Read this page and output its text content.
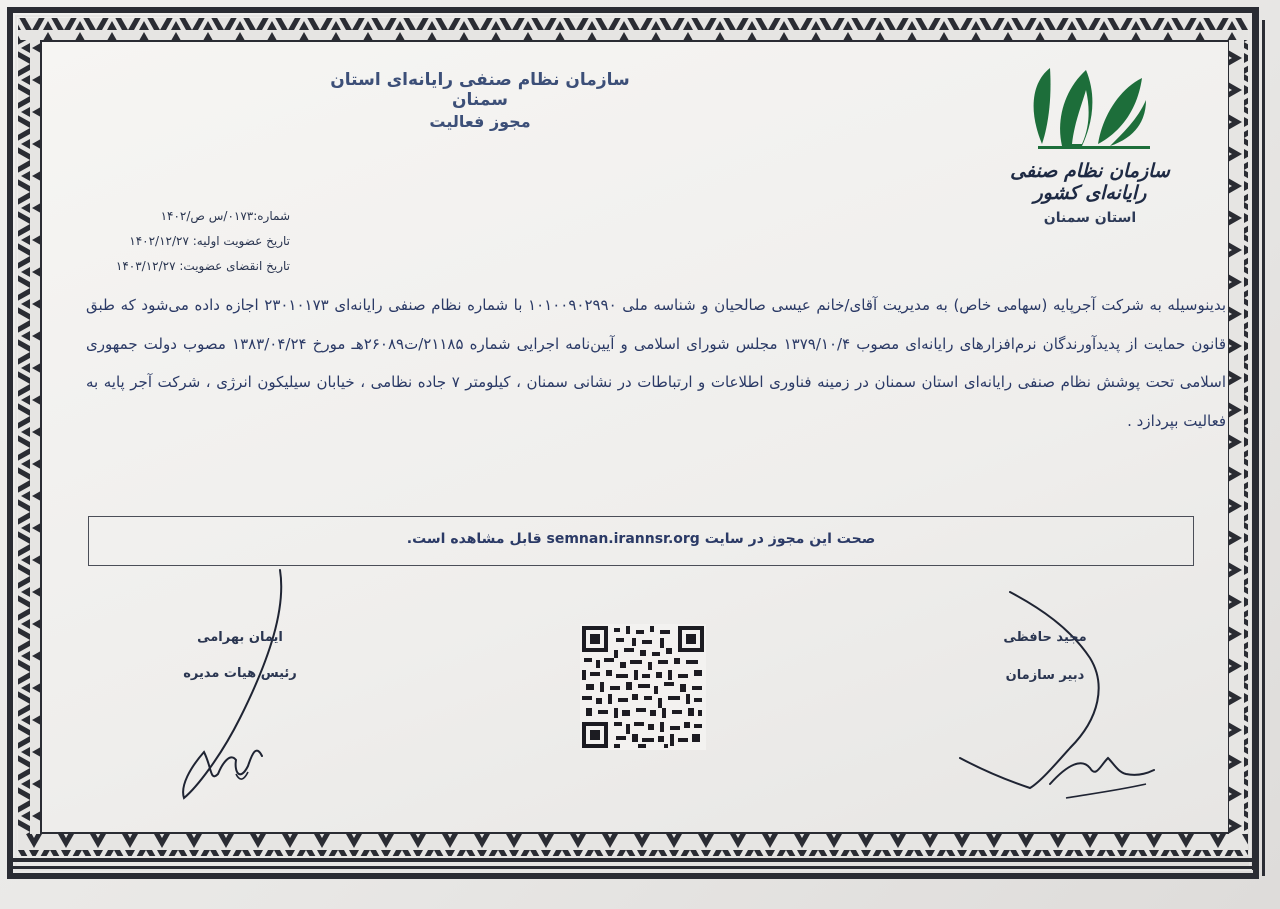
سازمان نظام صنفی رایانه‌ای استان سمنان
مجوز فعالیت
سازمان نظام صنفی رایانه‌ای کشور
استان سمنان
شماره:۰۱۷۳/س ص/۱۴۰۲
تاریخ عضویت اولیه: ۱۴۰۲/۱۲/۲۷
تاریخ انقضای عضویت: ۱۴۰۳/۱۲/۲۷
بدینوسیله به شرکت آجرپایه (سهامی خاص) به مدیریت آقای/خانم عیسی صالحیان و شناسه ملی ۱۰۱۰۰۹۰۲۹۹۰ با شماره نظام صنفی رایانه‌ای ۲۳۰۱۰۱۷۳ اجازه داده می‌شود که طبق قانون حمایت از پدیدآورندگان نرم‌افزارهای رایانه‌ای مصوب ۱۳۷۹/۱۰/۴ مجلس شورای اسلامی و آیین‌نامه اجرایی شماره ۲۱۱۸۵/ت۲۶۰۸۹هـ مورخ ۱۳۸۳/۰۴/۲۴ مصوب دولت جمهوری اسلامی تحت پوشش نظام صنفی رایانه‌ای استان سمنان در زمینه فناوری اطلاعات و ارتباطات در نشانی سمنان ، کیلومتر ۷ جاده نظامی ، خیابان سیلیکون انرژی ، شرکت آجر پایه به فعالیت بپردازد .
صحت این مجوز در سایت semnan.irannsr.org قابل مشاهده است.
ایمان بهرامی
رئیس هیات مدیره
مجید حافظی
دبیر سازمان
